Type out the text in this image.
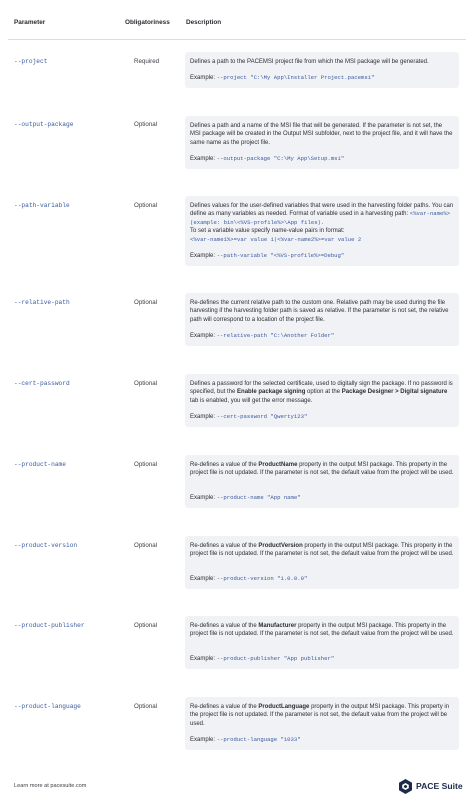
Parameter	Obligatoriness	Description
--project	Required	Defines a path to the PACEMSI project file from which the MSI package will be generated.
Example: --project "C:\My App\Installer Project.pacemsi"
--output-package	Optional	Defines a path and a name of the MSI file that will be generated. If the parameter is not set, the MSI package will be created in the Output MSI subfolder, next to the project file, and it will have the same name as the project file.
Example: --output-package "C:\My App\Setup.msi"
--path-variable	Optional	Defines values for the user-defined variables that were used in the harvesting folder paths. You can define as many variables as needed. Format of variable used in a harvesting path: <%var-name%> (example: bin\<%VS-profile%>\App files).
To set a variable value specify name-value pairs in format:
<%var-name1%>=var value 1|<%var-name2%>=var value 2
Example: --path-variable "<%VS-profile%>=Debug"
--relative-path	Optional	Re-defines the current relative path to the custom one. Relative path may be used during the file harvesting if the harvesting folder path is saved as relative. If the parameter is not set, the relative path will correspond to a location of the project file.
Example: --relative-path "C:\Another Folder"
--cert-password	Optional	Defines a password for the selected certificate, used to digitally sign the package. If no password is specified, but the Enable package signing option at the Package Designer > Digital signature tab is enabled, you will get the error message.
Example: --cert-password "Qwerty123"
--product-name	Optional	Re-defines a value of the ProductName property in the output MSI package. This property in the project file is not updated. If the parameter is not set, the default value from the project will be used.
Example: --product-name "App name"
--product-version	Optional	Re-defines a value of the ProductVersion property in the output MSI package. This property in the project file is not updated. If the parameter is not set, the default value from the project will be used.
Example: --product-version "1.0.0.0"
--product-publisher	Optional	Re-defines a value of the Manufacturer property in the output MSI package. This property in the project file is not updated. If the parameter is not set, the default value from the project will be used.
Example: --product-publisher "App publisher"
--product-language	Optional	Re-defines a value of the ProductLanguage property in the output MSI package. This property in the project file is not updated. If the parameter is not set, the default value from the project will be used.
Example: --product-language "1033"
Learn more at pacesuite.com	PACE Suite
